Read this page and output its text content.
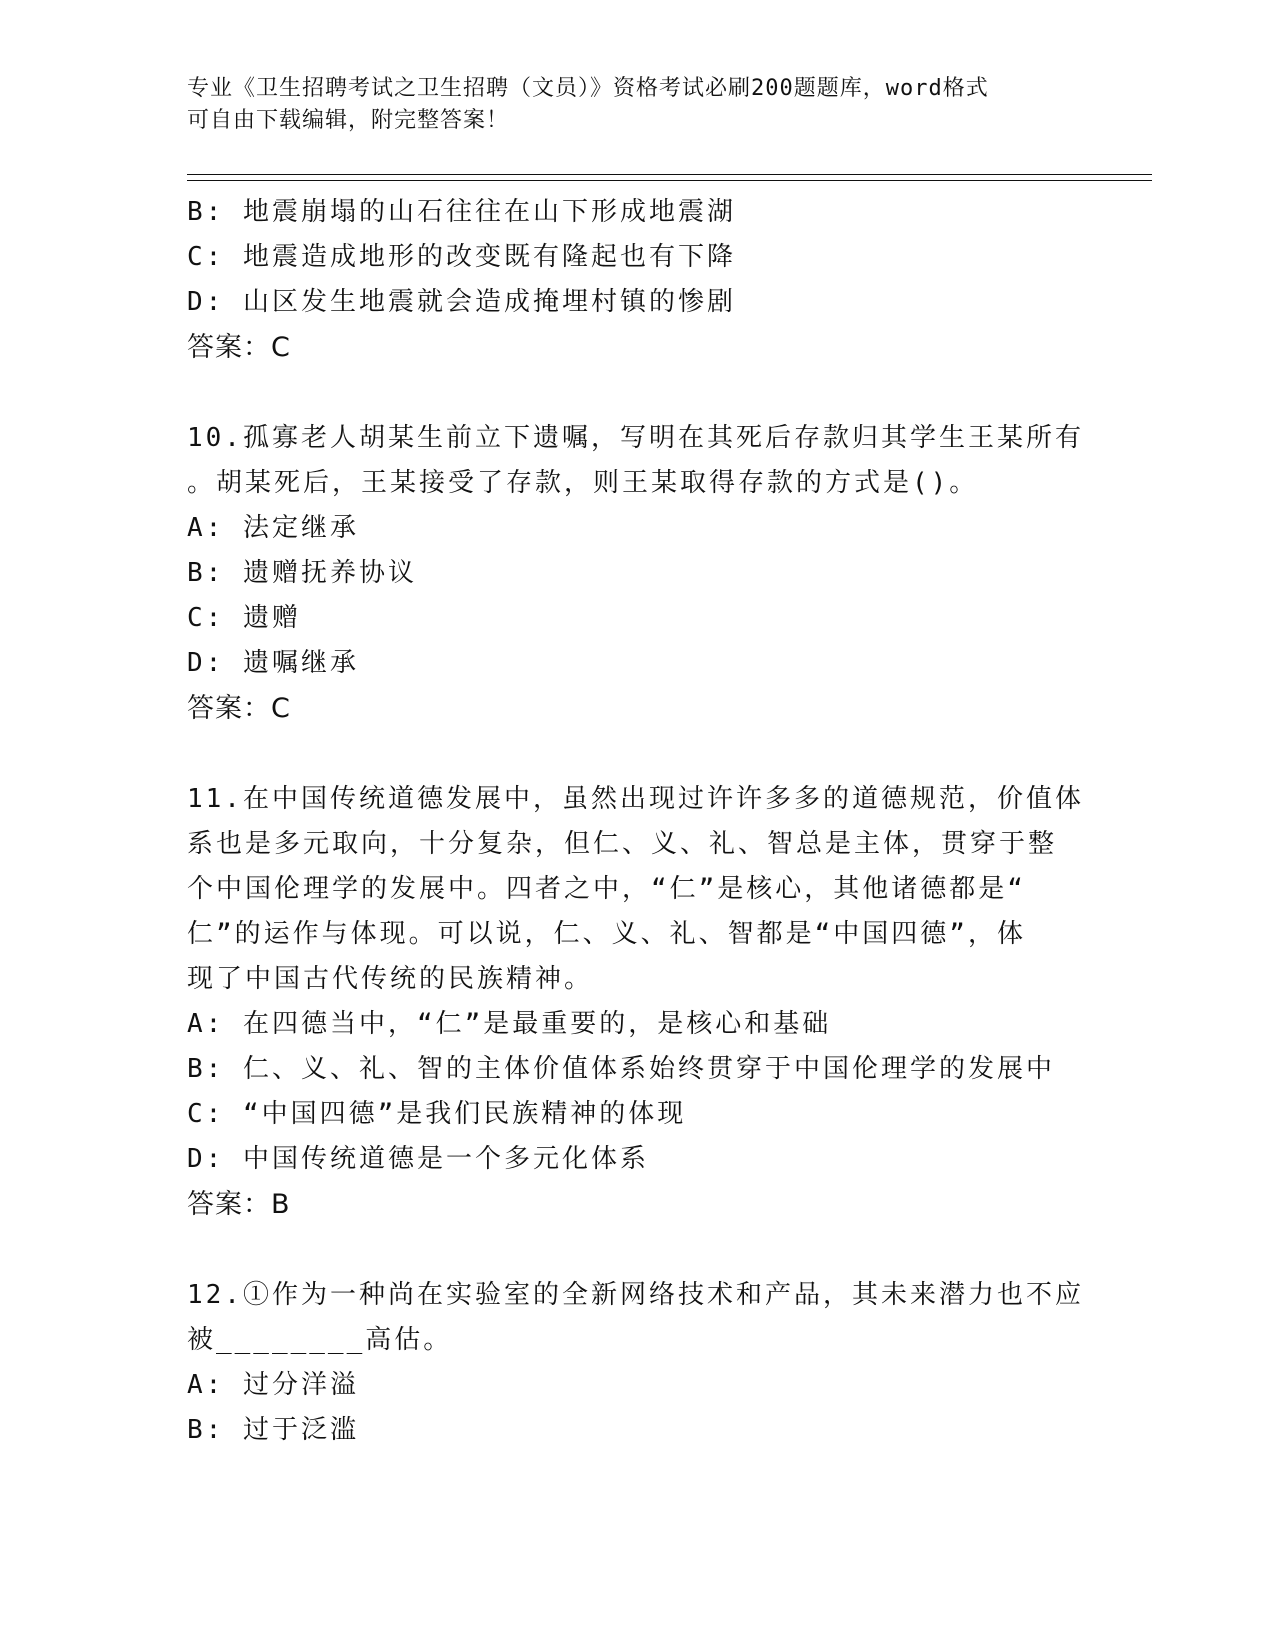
专业《卫生招聘考试之卫生招聘（文员）》资格考试必刷200题题库，word格式
可自由下载编辑，附完整答案！
B: 地震崩塌的山石往往在山下形成地震湖
C: 地震造成地形的改变既有隆起也有下降
D: 山区发生地震就会造成掩埋村镇的惨剧
答案：C
10.孤寡老人胡某生前立下遗嘱，写明在其死后存款归其学生王某所有
。胡某死后，王某接受了存款，则王某取得存款的方式是()。
A: 法定继承
B: 遗赠抚养协议
C: 遗赠
D: 遗嘱继承
答案：C
11.在中国传统道德发展中，虽然出现过许许多多的道德规范，价值体
系也是多元取向，十分复杂，但仁、义、礼、智总是主体，贯穿于整
个中国伦理学的发展中。四者之中，“仁”是核心，其他诸德都是“
仁”的运作与体现。可以说，仁、义、礼、智都是“中国四德”，体
现了中国古代传统的民族精神。
A: 在四德当中，“仁”是最重要的，是核心和基础
B: 仁、义、礼、智的主体价值体系始终贯穿于中国伦理学的发展中
C: “中国四德”是我们民族精神的体现
D: 中国传统道德是一个多元化体系
答案：B
12.①作为一种尚在实验室的全新网络技术和产品，其未来潜力也不应
被________高估。
A: 过分洋溢
B: 过于泛滥
